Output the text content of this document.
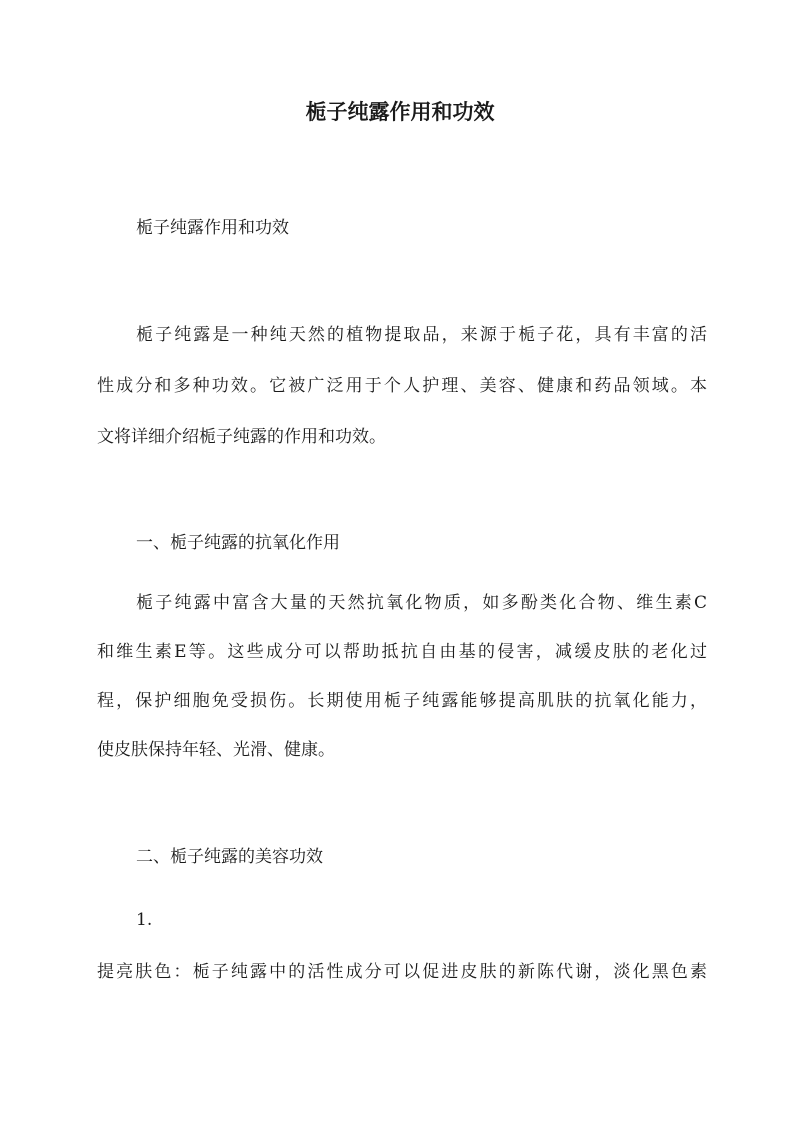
栀子纯露作用和功效

栀子纯露作用和功效

栀子纯露是一种纯天然的植物提取品，来源于栀子花，具有丰富的活

性成分和多种功效。它被广泛用于个人护理、美容、健康和药品领域。本

文将详细介绍栀子纯露的作用和功效。

一、栀子纯露的抗氧化作用

栀子纯露中富含大量的天然抗氧化物质，如多酚类化合物、维生素C

和维生素E等。这些成分可以帮助抵抗自由基的侵害，减缓皮肤的老化过

程，保护细胞免受损伤。长期使用栀子纯露能够提高肌肤的抗氧化能力，

使皮肤保持年轻、光滑、健康。

二、栀子纯露的美容功效

1.

提亮肤色：栀子纯露中的活性成分可以促进皮肤的新陈代谢，淡化黑色素
